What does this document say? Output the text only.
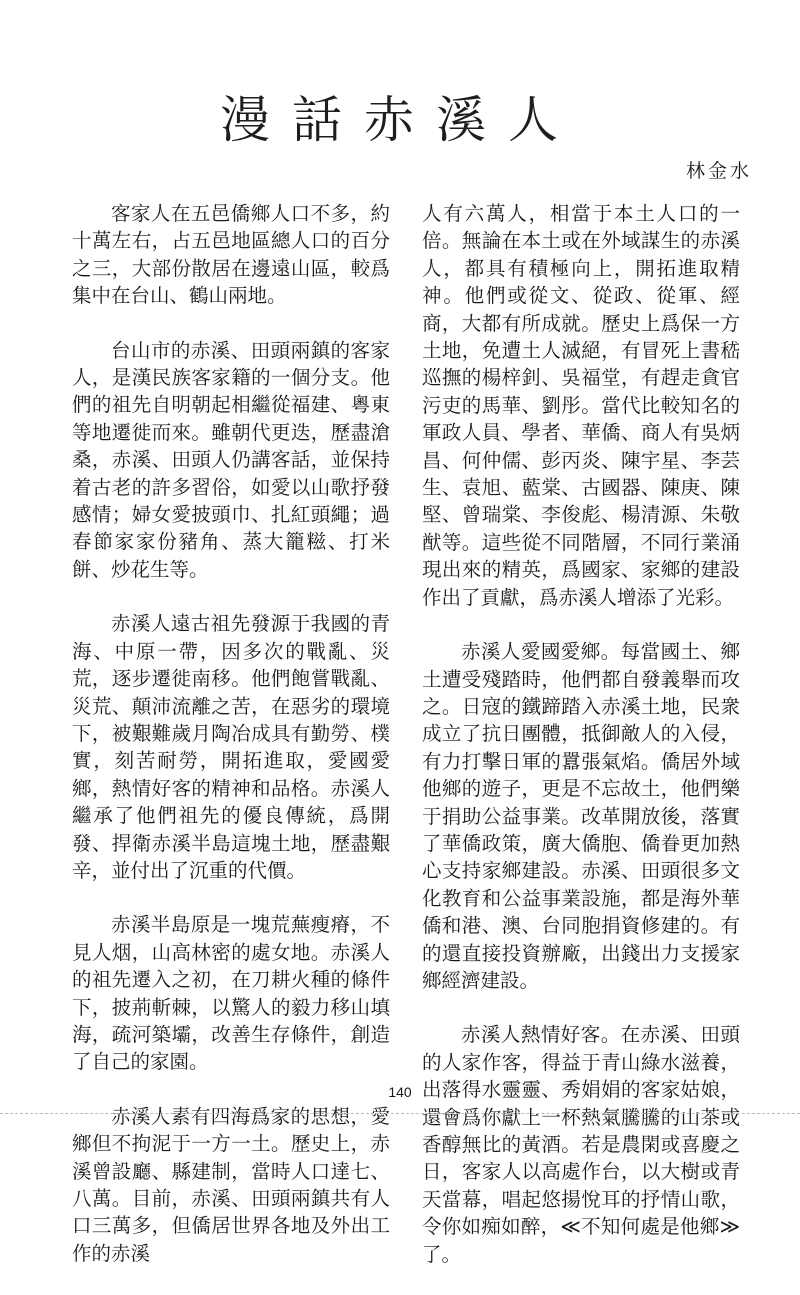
漫話赤溪人
林金水

客家人在五邑僑鄉人口不多，約十萬左右，占五邑地區總人口的百分之三，大部份散居在邊遠山區，較爲集中在台山、鶴山兩地。

台山市的赤溪、田頭兩鎮的客家人，是漢民族客家籍的一個分支。他們的祖先自明朝起相繼從福建、粵東等地遷徙而來。雖朝代更迭，歷盡滄桑，赤溪、田頭人仍講客話，並保持着古老的許多習俗，如愛以山歌抒發感情；婦女愛披頭巾、扎紅頭繩；過春節家家份豬角、蒸大籠糍、打米餅、炒花生等。

赤溪人遠古祖先發源于我國的青海、中原一帶，因多次的戰亂、災荒，逐步遷徙南移。他們飽嘗戰亂、災荒、顛沛流離之苦，在惡劣的環境下，被艱難歲月陶冶成具有勤勞、樸實，刻苦耐勞，開拓進取，愛國愛鄉，熱情好客的精神和品格。赤溪人繼承了他們祖先的優良傳統，爲開發、捍衛赤溪半島這塊土地，歷盡艱辛，並付出了沉重的代價。

赤溪半島原是一塊荒蕪瘦瘠，不見人烟，山高林密的處女地。赤溪人的祖先遷入之初，在刀耕火種的條件下，披荊斬棘，以驚人的毅力移山填海，疏河築壩，改善生存條件，創造了自己的家園。

赤溪人素有四海爲家的思想，愛鄉但不拘泥于一方一土。歷史上，赤溪曾設廳、縣建制，當時人口達七、八萬。目前，赤溪、田頭兩鎮共有人口三萬多，但僑居世界各地及外出工作的赤溪

人有六萬人，相當于本土人口的一倍。無論在本土或在外域謀生的赤溪人，都具有積極向上，開拓進取精神。他們或從文、從政、從軍、經商，大都有所成就。歷史上爲保一方土地，免遭土人滅絕，有冒死上書嵇巡撫的楊梓釗、吳福堂，有趕走貪官污吏的馬華、劉彤。當代比較知名的軍政人員、學者、華僑、商人有吳炳昌、何仲儒、彭丙炎、陳宇星、李芸生、袁旭、藍棠、古國器、陳庚、陳堅、曾瑞棠、李俊彪、楊清源、朱敬猷等。這些從不同階層，不同行業涌現出來的精英，爲國家、家鄉的建設作出了貢獻，爲赤溪人增添了光彩。

赤溪人愛國愛鄉。每當國土、鄉土遭受殘踏時，他們都自發義舉而攻之。日寇的鐵蹄踏入赤溪土地，民衆成立了抗日團體，抵御敵人的入侵，有力打擊日軍的囂張氣焰。僑居外域他鄉的遊子，更是不忘故土，他們樂于捐助公益事業。改革開放後，落實了華僑政策，廣大僑胞、僑眷更加熱心支持家鄉建設。赤溪、田頭很多文化教育和公益事業設施，都是海外華僑和港、澳、台同胞捐資修建的。有的還直接投資辦廠，出錢出力支援家鄉經濟建設。

赤溪人熱情好客。在赤溪、田頭的人家作客，得益于青山綠水滋養，出落得水靈靈、秀娟娟的客家姑娘，還會爲你獻上一杯熱氣騰騰的山茶或香醇無比的黃酒。若是農閑或喜慶之日，客家人以高處作台，以大樹或青天當幕，唱起悠揚悅耳的抒情山歌，令你如痴如醉，≪不知何處是他鄉≫了。

140
